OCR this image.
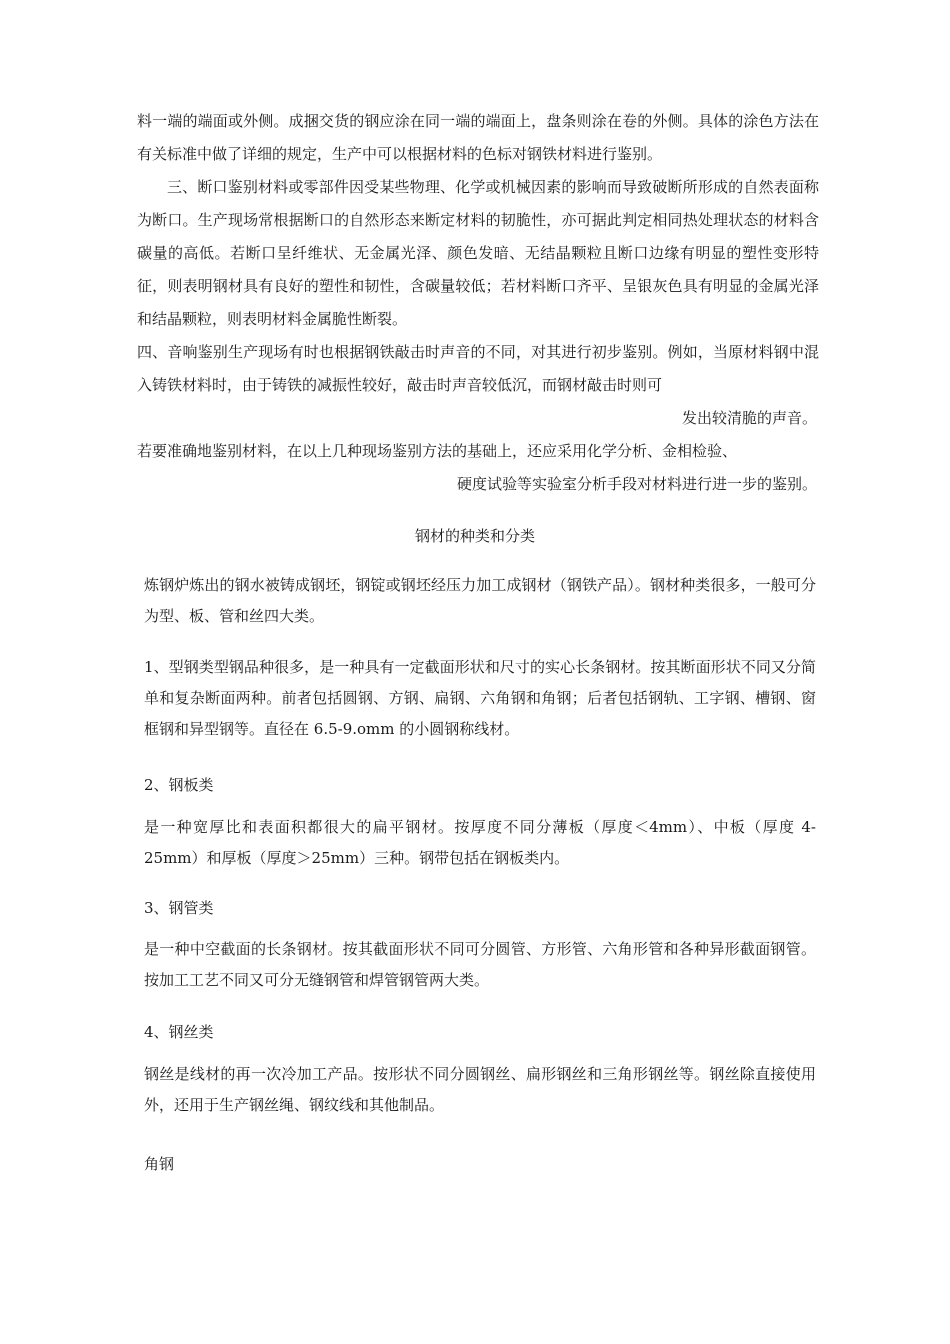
料一端的端面或外侧。成捆交货的钢应涂在同一端的端面上，盘条则涂在卷的外侧。具体的涂色方法在有关标准中做了详细的规定，生产中可以根据材料的色标对钢铁材料进行鉴别。

三、断口鉴别材料或零部件因受某些物理、化学或机械因素的影响而导致破断所形成的自然表面称为断口。生产现场常根据断口的自然形态来断定材料的韧脆性，亦可据此判定相同热处理状态的材料含碳量的高低。若断口呈纤维状、无金属光泽、颜色发暗、无结晶颗粒且断口边缘有明显的塑性变形特征，则表明钢材具有良好的塑性和韧性，含碳量较低；若材料断口齐平、呈银灰色具有明显的金属光泽和结晶颗粒，则表明材料金属脆性断裂。

四、音响鉴别生产现场有时也根据钢铁敲击时声音的不同，对其进行初步鉴别。例如，当原材料钢中混入铸铁材料时，由于铸铁的减振性较好，敲击时声音较低沉，而钢材敲击时则可

发出较清脆的声音。

若要准确地鉴别材料，在以上几种现场鉴别方法的基础上，还应采用化学分析、金相检验、

硬度试验等实验室分析手段对材料进行进一步的鉴别。
钢材的种类和分类

炼钢炉炼出的钢水被铸成钢坯，钢锭或钢坯经压力加工成钢材（钢铁产品）。钢材种类很多，一般可分为型、板、管和丝四大类。

1、型钢类型钢品种很多，是一种具有一定截面形状和尺寸的实心长条钢材。按其断面形状不同又分简单和复杂断面两种。前者包括圆钢、方钢、扁钢、六角钢和角钢；后者包括钢轨、工字钢、槽钢、窗框钢和异型钢等。直径在 6.5-9.omm 的小圆钢称线材。

2、钢板类

是一种宽厚比和表面积都很大的扁平钢材。按厚度不同分薄板（厚度＜4mm）、中板（厚度 4-25mm）和厚板（厚度＞25mm）三种。钢带包括在钢板类内。

3、钢管类

是一种中空截面的长条钢材。按其截面形状不同可分圆管、方形管、六角形管和各种异形截面钢管。按加工工艺不同又可分无缝钢管和焊管钢管两大类。

4、钢丝类

钢丝是线材的再一次冷加工产品。按形状不同分圆钢丝、扁形钢丝和三角形钢丝等。钢丝除直接使用外，还用于生产钢丝绳、钢纹线和其他制品。

角钢
